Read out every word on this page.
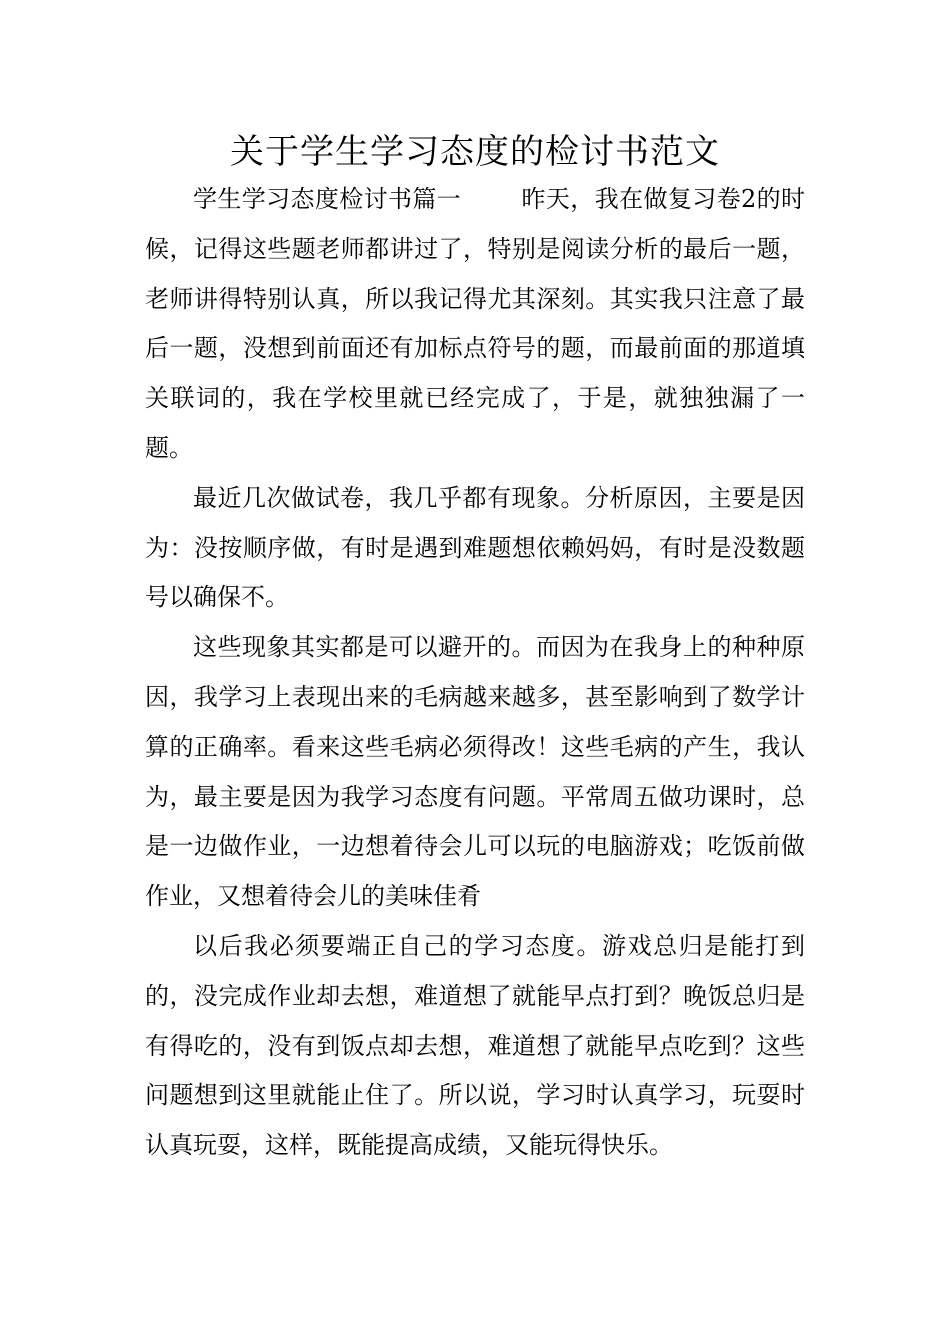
关于学生学习态度的检讨书范文

学生学习态度检讨书篇一	昨天，我在做复习卷2的时候，记得这些题老师都讲过了，特别是阅读分析的最后一题，老师讲得特别认真，所以我记得尤其深刻。其实我只注意了最后一题，没想到前面还有加标点符号的题，而最前面的那道填关联词的，我在学校里就已经完成了，于是，就独独漏了一题。

最近几次做试卷，我几乎都有现象。分析原因，主要是因为：没按顺序做，有时是遇到难题想依赖妈妈，有时是没数题号以确保不。

这些现象其实都是可以避开的。而因为在我身上的种种原因，我学习上表现出来的毛病越来越多，甚至影响到了数学计算的正确率。看来这些毛病必须得改！这些毛病的产生，我认为，最主要是因为我学习态度有问题。平常周五做功课时，总是一边做作业，一边想着待会儿可以玩的电脑游戏；吃饭前做作业，又想着待会儿的美味佳肴

以后我必须要端正自己的学习态度。游戏总归是能打到的，没完成作业却去想，难道想了就能早点打到？晚饭总归是有得吃的，没有到饭点却去想，难道想了就能早点吃到？这些问题想到这里就能止住了。所以说，学习时认真学习，玩耍时认真玩耍，这样，既能提高成绩，又能玩得快乐。
